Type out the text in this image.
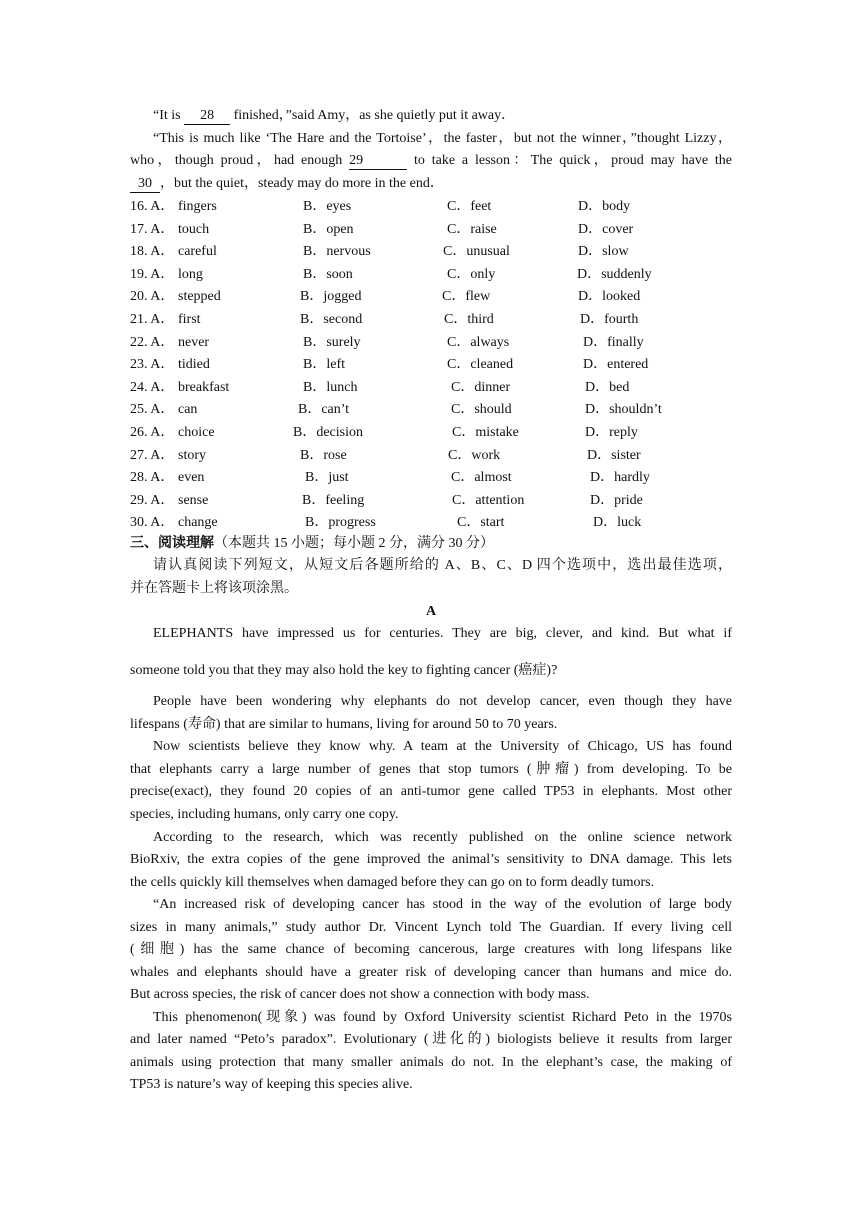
“It is 28 finished，”said Amy，as she quietly put it away．
“This is much like ‘The Hare and the Tortoise’，the faster，but not the winner，”thought Lizzy，
who，though proud，had enough 29	to take a lesson：The quick，proud may have the
30 ，but the quiet，steady may do more in the end．
16. A． fingers	B．eyes	C．feet	D．body
17. A． touch	B．open	C．raise	D．cover
18. A． careful	B．nervous	C．unusual	D．slow
19. A． long	B．soon	C．only	D．suddenly
20. A． stepped	B．jogged	C．flew	D．looked
21. A． first	B．second	C．third	D．fourth
22. A． never	B．surely	C．always	D．finally
23. A． tidied	B．left	C．cleaned	D．entered
24. A． breakfast	B．lunch	C．dinner	D．bed
25. A． can	B．can’t	C．should	D．shouldn’t
26. A． choice	B．decision	C．mistake	D．reply
27. A． story	B．rose	C．work	D．sister
28. A． even	B．just	C．almost	D．hardly
29. A． sense	B．feeling	C．attention	D．pride
30. A． change	B．progress	C．start	D．luck
三、阅读理解（本题共 15 小题；每小题 2 分，满分 30 分）
请认真阅读下列短文，从短文后各题所给的 A、B、C、D 四个选项中，选出最佳选项，
并在答题卡上将该项涂黑。
A
ELEPHANTS have impressed us for centuries. They are big, clever, and kind. But what if
someone told you that they may also hold the key to fighting cancer (癌症)?
People have been wondering why elephants do not develop cancer, even though they have
lifespans (寿命) that are similar to humans, living for around 50 to 70 years.
Now scientists believe they know why. A team at the University of Chicago, US has found
that elephants carry a large number of genes that stop tumors (肿瘤) from developing. To be
precise(exact), they found 20 copies of an anti-tumor gene called TP53 in elephants. Most other
species, including humans, only carry one copy.
According to the research, which was recently published on the online science network
BioRxiv, the extra copies of the gene improved the animal’s sensitivity to DNA damage. This lets
the cells quickly kill themselves when damaged before they can go on to form deadly tumors.
“An increased risk of developing cancer has stood in the way of the evolution of large body
sizes in many animals,” study author Dr. Vincent Lynch told The Guardian. If every living cell
(细胞) has the same chance of becoming cancerous, large creatures with long lifespans like
whales and elephants should have a greater risk of developing cancer than humans and mice do.
But across species, the risk of cancer does not show a connection with body mass.
This phenomenon(现象) was found by Oxford University scientist Richard Peto in the 1970s
and later named “Peto’s paradox”. Evolutionary (进化的) biologists believe it results from larger
animals using protection that many smaller animals do not. In the elephant’s case, the making of
TP53 is nature’s way of keeping this species alive.
